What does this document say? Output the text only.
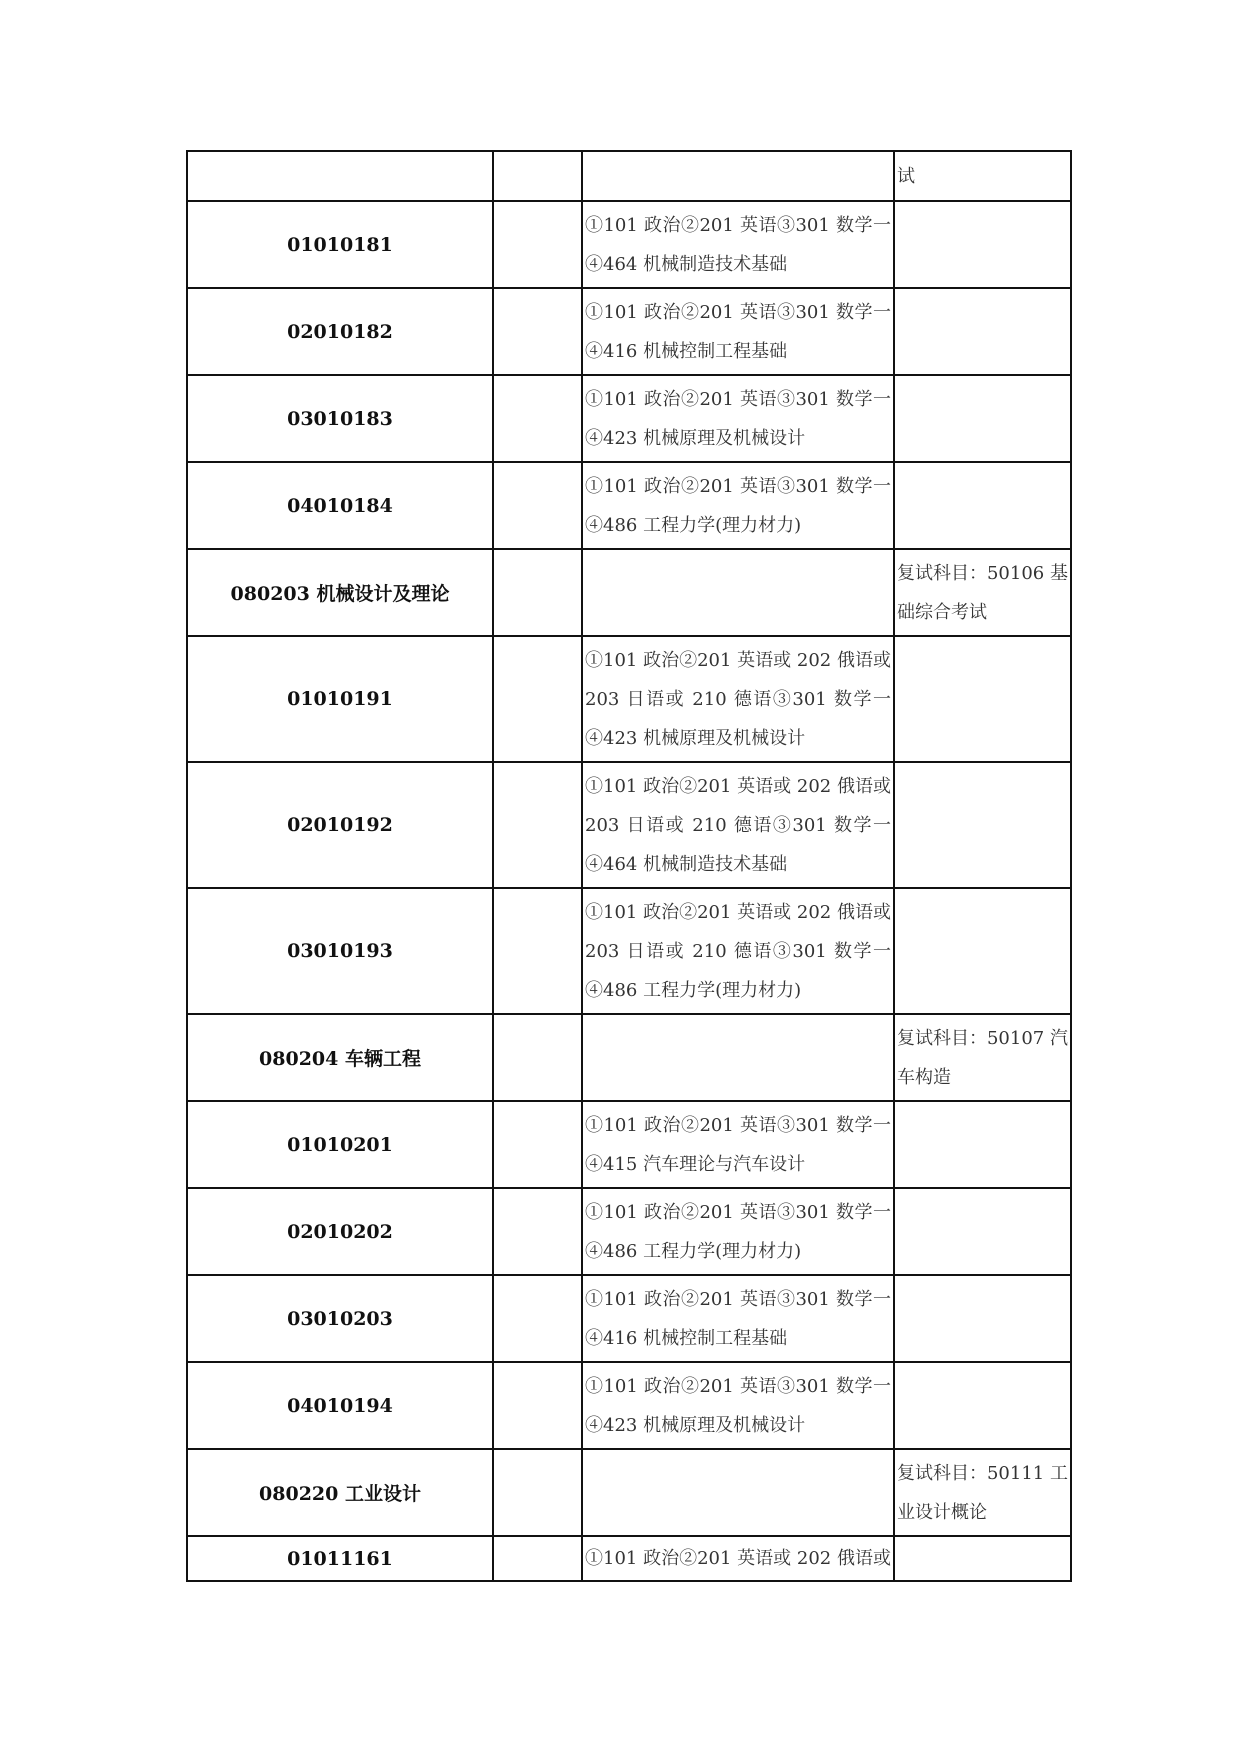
			试

01010181		①101 政治②201 英语③301 数学一
④464 机械制造技术基础	

02010182		①101 政治②201 英语③301 数学一
④416 机械控制工程基础	

03010183		①101 政治②201 英语③301 数学一
④423 机械原理及机械设计	

04010184		①101 政治②201 英语③301 数学一
④486 工程力学(理力材力)	

080203 机械设计及理论			复试科目：50106 基
础综合考试

01010191		①101 政治②201 英语或 202 俄语或
203 日语或 210 德语③301 数学一
④423 机械原理及机械设计	

02010192		①101 政治②201 英语或 202 俄语或
203 日语或 210 德语③301 数学一
④464 机械制造技术基础	

03010193		①101 政治②201 英语或 202 俄语或
203 日语或 210 德语③301 数学一
④486 工程力学(理力材力)	

080204 车辆工程			复试科目：50107 汽
车构造

01010201		①101 政治②201 英语③301 数学一
④415 汽车理论与汽车设计	

02010202		①101 政治②201 英语③301 数学一
④486 工程力学(理力材力)	

03010203		①101 政治②201 英语③301 数学一
④416 机械控制工程基础	

04010194		①101 政治②201 英语③301 数学一
④423 机械原理及机械设计	

080220 工业设计			复试科目：50111 工
业设计概论

01011161		①101 政治②201 英语或 202 俄语或	
